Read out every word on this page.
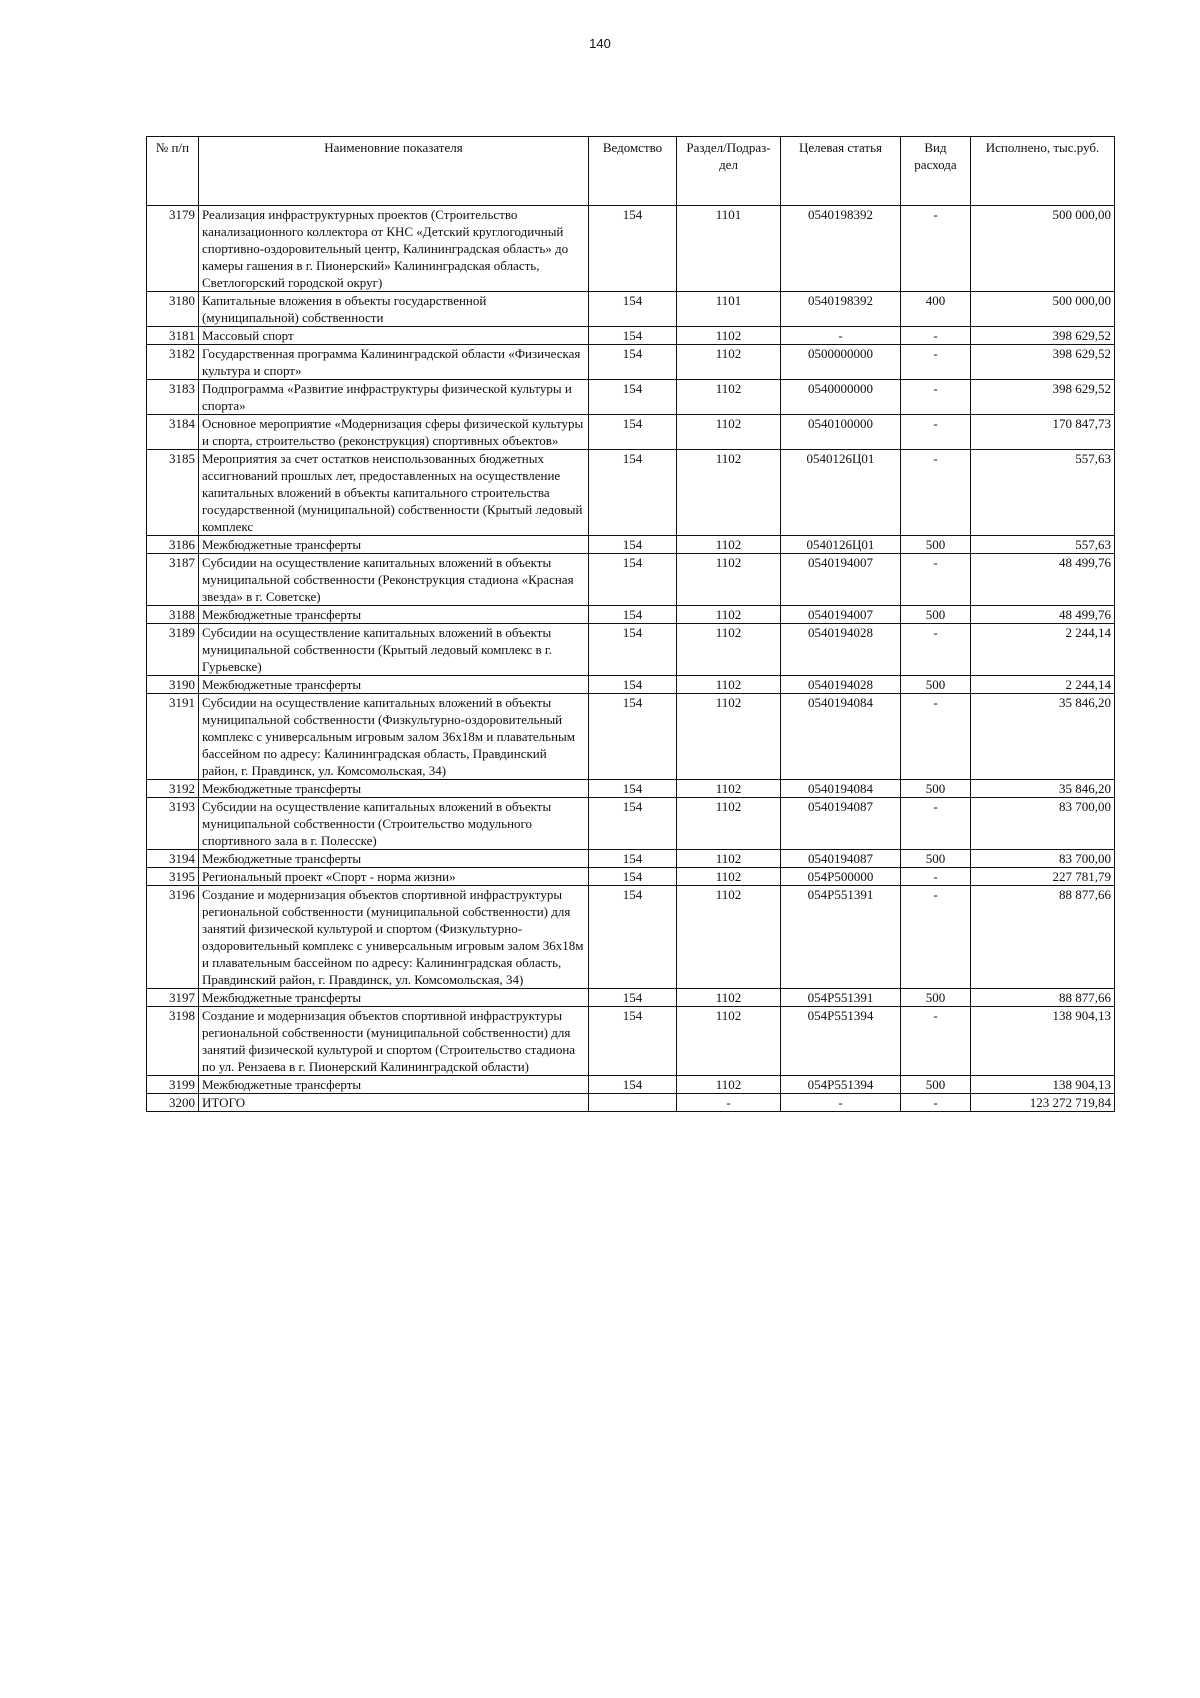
140
№ п/п	Наименовние показателя	Ведомство	Раздел/Подраз-дел	Целевая статья	Вид расхода	Исполнено, тыс.руб.
3179	Реализация инфраструктурных проектов (Строительство канализационного коллектора от КНС «Детский круглогодичный спортивно-оздоровительный центр, Калининградская область» до камеры гашения в г. Пионерский» Калининградская область, Светлогорский городской округ)	154	1101	0540198392	-	500 000,00
3180	Капитальные вложения в объекты государственной (муниципальной) собственности	154	1101	0540198392	400	500 000,00
3181	Массовый спорт	154	1102	-	-	398 629,52
3182	Государственная программа Калининградской области «Физическая культура и спорт»	154	1102	0500000000	-	398 629,52
3183	Подпрограмма «Развитие инфраструктуры физической культуры и спорта»	154	1102	0540000000	-	398 629,52
3184	Основное мероприятие «Модернизация сферы физической культуры и спорта, строительство (реконструкция) спортивных объектов»	154	1102	0540100000	-	170 847,73
3185	Мероприятия за счет остатков неиспользованных бюджетных ассигнований прошлых лет, предоставленных на осуществление капитальных вложений в объекты капитального строительства государственной (муниципальной) собственности (Крытый ледовый комплекс	154	1102	0540126Ц01	-	557,63
3186	Межбюджетные трансферты	154	1102	0540126Ц01	500	557,63
3187	Субсидии на осуществление капитальных вложений в объекты муниципальной собственности (Реконструкция стадиона «Красная звезда» в г. Советске)	154	1102	0540194007	-	48 499,76
3188	Межбюджетные трансферты	154	1102	0540194007	500	48 499,76
3189	Субсидии на осуществление капитальных вложений в объекты муниципальной собственности (Крытый ледовый комплекс в г. Гурьевске)	154	1102	0540194028	-	2 244,14
3190	Межбюджетные трансферты	154	1102	0540194028	500	2 244,14
3191	Субсидии на осуществление капитальных вложений в объекты муниципальной собственности (Физкультурно-оздоровительный комплекс с универсальным игровым залом 36х18м и плавательным бассейном по адресу: Калининградская область, Правдинский район, г. Правдинск, ул. Комсомольская, 34)	154	1102	0540194084	-	35 846,20
3192	Межбюджетные трансферты	154	1102	0540194084	500	35 846,20
3193	Субсидии на осуществление капитальных вложений в объекты муниципальной собственности (Строительство модульного спортивного зала в г. Полесске)	154	1102	0540194087	-	83 700,00
3194	Межбюджетные трансферты	154	1102	0540194087	500	83 700,00
3195	Региональный проект «Спорт - норма жизни»	154	1102	054P500000	-	227 781,79
3196	Создание и модернизация объектов спортивной инфраструктуры региональной собственности (муниципальной собственности) для занятий физической культурой и спортом (Физкультурно-оздоровительный комплекс с универсальным игровым залом 36х18м и плавательным бассейном по адресу: Калининградская область, Правдинский район, г. Правдинск, ул. Комсомольская, 34)	154	1102	054P551391	-	88 877,66
3197	Межбюджетные трансферты	154	1102	054P551391	500	88 877,66
3198	Создание и модернизация объектов спортивной инфраструктуры региональной собственности (муниципальной собственности) для занятий физической культурой и спортом (Строительство стадиона по ул. Рензаева в г. Пионерский Калининградской области)	154	1102	054P551394	-	138 904,13
3199	Межбюджетные трансферты	154	1102	054P551394	500	138 904,13
3200	ИТОГО		-	-	-	123 272 719,84
